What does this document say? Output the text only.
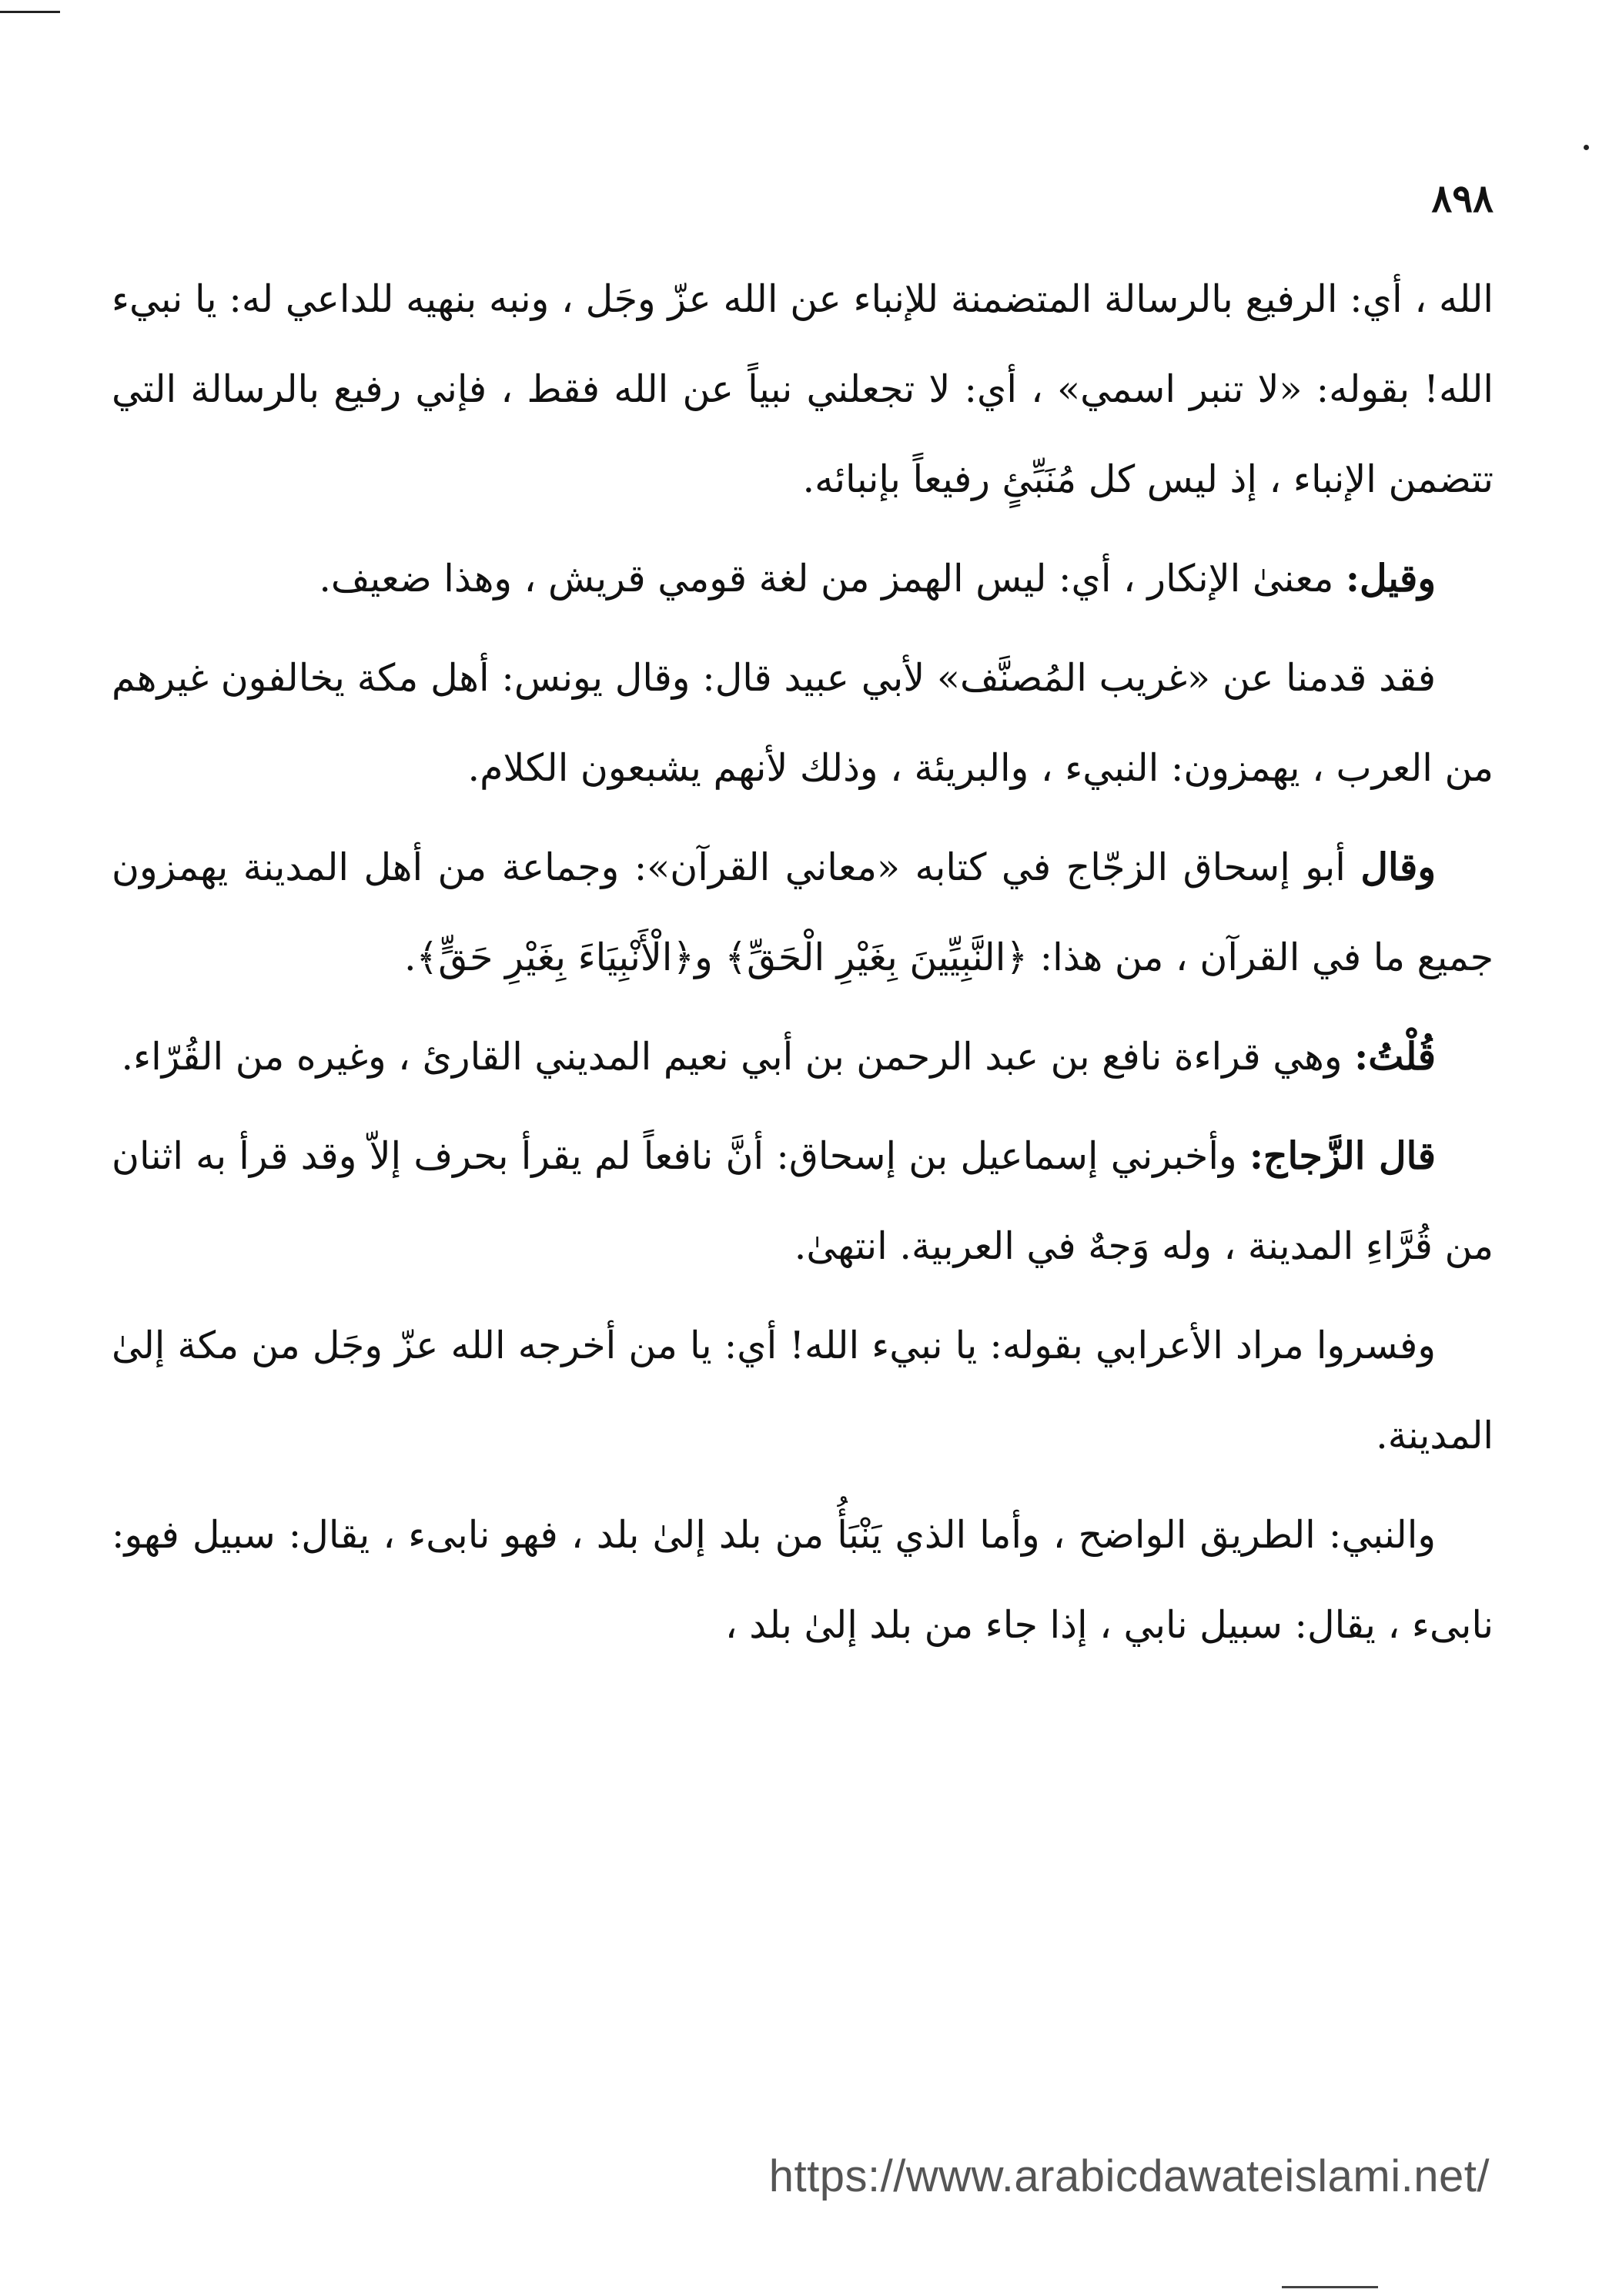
٨٩٨

الله ، أي: الرفيع بالرسالة المتضمنة للإنباء عن الله عزّ وجَل ، ونبه بنهيه للداعي له: يا نبيء الله! بقوله: «لا تنبر اسمي» ، أي: لا تجعلني نبياً عن الله فقط ، فإني رفيع بالرسالة التي تتضمن الإنباء ، إذ ليس كل مُنَبِّئٍ رفيعاً بإنبائه.

وقيل: معنىٰ الإنكار ، أي: ليس الهمز من لغة قومي قريش ، وهذا ضعيف.

فقد قدمنا عن «غريب المُصنَّف» لأبي عبيد قال: وقال يونس: أهل مكة يخالفون غيرهم من العرب ، يهمزون: النبيء ، والبريئة ، وذلك لأنهم يشبعون الكلام.

وقال أبو إسحاق الزجّاج في كتابه «معاني القرآن»: وجماعة من أهل المدينة يهمزون جميع ما في القرآن ، من هذا: ﴿النَّبِيِّينَ بِغَيْرِ الْحَقِّ﴾ و﴿الْأَنْبِيَاءَ بِغَيْرِ حَقٍّ﴾.

قُلْتُ: وهي قراءة نافع بن عبد الرحمن بن أبي نعيم المديني القارئ ، وغيره من القُرّاء.

قال الزَّجاج: وأخبرني إسماعيل بن إسحاق: أنَّ نافعاً لم يقرأ بحرف إلاّ وقد قرأ به اثنان من قُرَّاءِ المدينة ، وله وَجهٌ في العربية. انتهىٰ.

وفسروا مراد الأعرابي بقوله: يا نبيء الله! أي: يا من أخرجه الله عزّ وجَل من مكة إلىٰ المدينة.

والنبي: الطريق الواضح ، وأما الذي يَنْبَأُ من بلد إلىٰ بلد ، فهو نابىء ، يقال: سبيل فهو: نابىء ، يقال: سبيل نابي ، إذا جاء من بلد إلىٰ بلد ،

https://www.arabicdawateislami.net/
